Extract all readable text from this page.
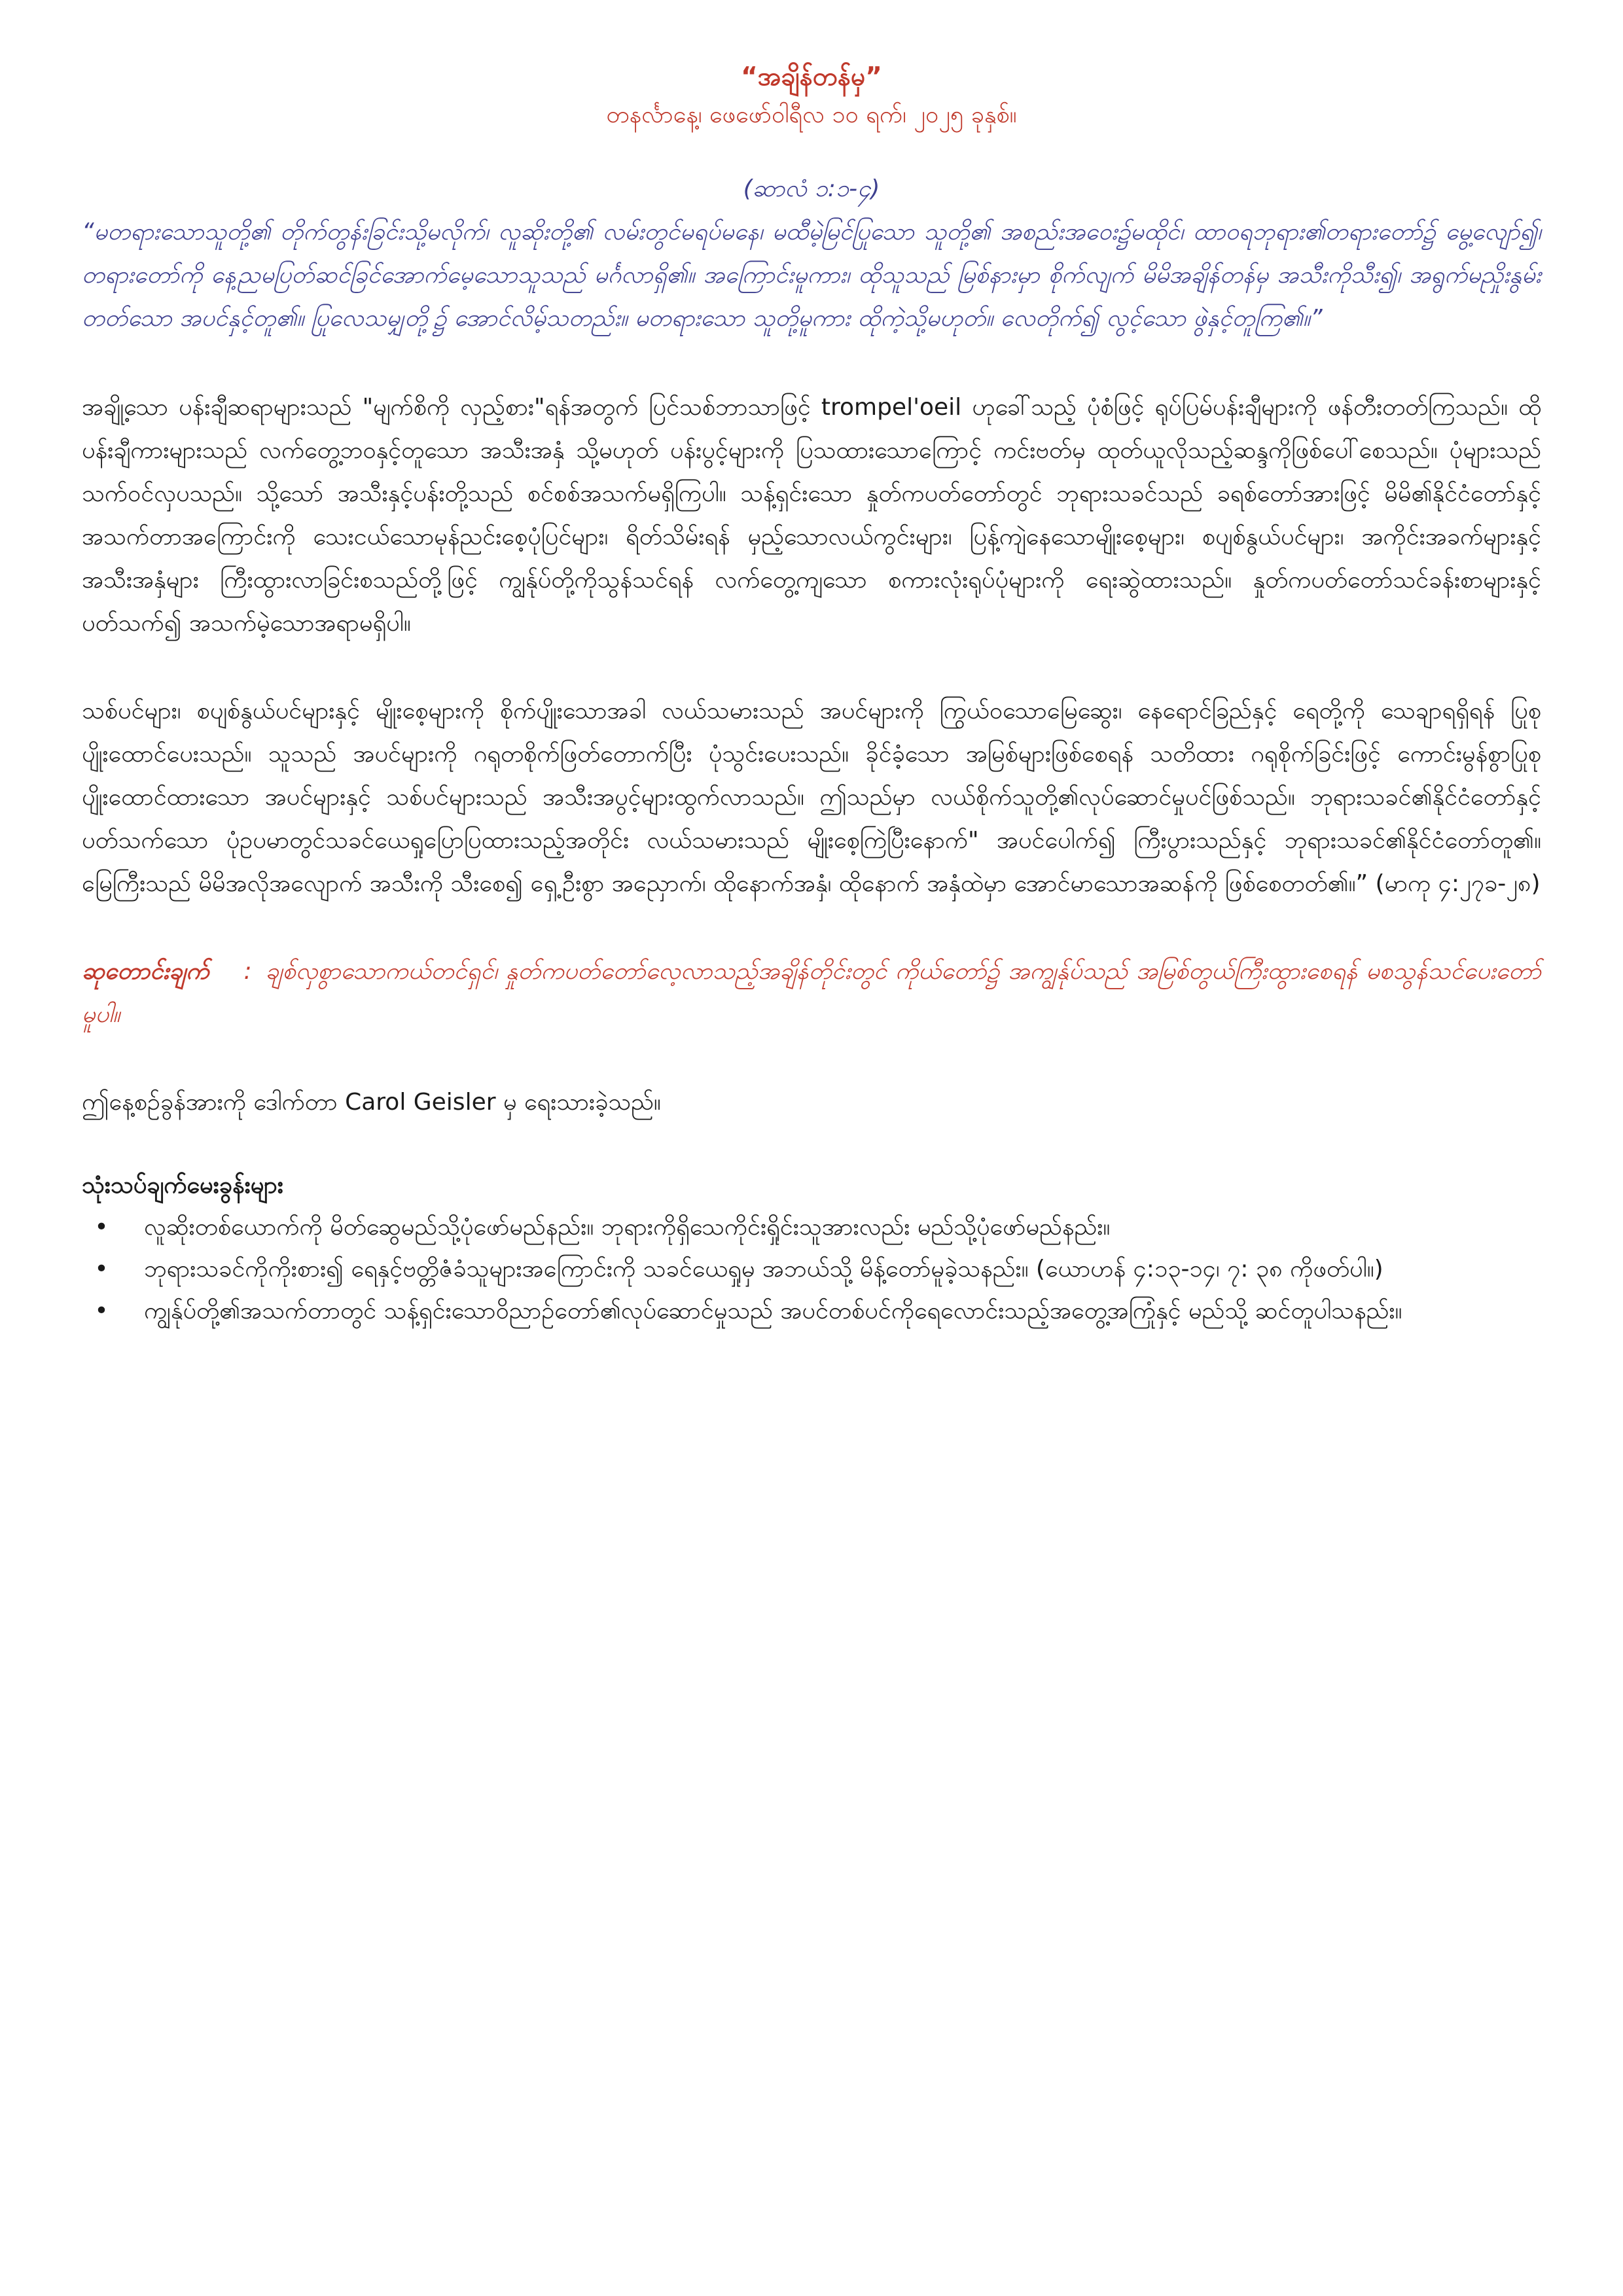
“အချိန်တန်မှ”

တနင်္လာနေ့၊ ဖေဖော်ဝါရီလ ၁၀ ရက်၊ ၂၀၂၅ ခုနှစ်။

(ဆာလံ ၁:၁-၄)

“မတရားသောသူတို့၏ တိုက်တွန်းခြင်းသို့မလိုက်၊ လူဆိုးတို့၏ လမ်းတွင်မရပ်မနေ၊ မထီမဲ့မြင်ပြုသော သူတို့၏ အစည်းအဝေး၌မထိုင်၊ ထာဝရဘုရား၏တရားတော်၌ မွေ့လျော်၍၊ တရားတော်ကို နေ့ညမပြတ်ဆင်ခြင်အောက်မေ့သောသူသည် မင်္ဂလာရှိ၏။ အကြောင်းမူကား၊ ထိုသူသည် မြစ်နားမှာ စိုက်လျက် မိမိအချိန်တန်မှ အသီးကိုသီး၍၊ အရွက်မညှိုးနွမ်းတတ်သော အပင်နှင့်တူ၏။ ပြုလေသမျှတို့၌ အောင်လိမ့်သတည်း။ မတရားသော သူတို့မူကား ထိုကဲ့သို့မဟုတ်။ လေတိုက်၍ လွင့်သော ဖွဲနှင့်တူကြ၏။”

အချို့သော ပန်းချီဆရာများသည် "မျက်စိကို လှည့်စား"ရန်အတွက် ပြင်သစ်ဘာသာဖြင့် trompel'oeil ဟုခေါ်သည့် ပုံစံဖြင့် ရုပ်ပြမ်ပန်းချီများကို ဖန်တီးတတ်ကြသည်။ ထိုပန်းချီကားများသည် လက်တွေ့ဘဝနှင့်တူသော အသီးအနှံ သို့မဟုတ် ပန်းပွင့်များကို ပြသထားသောကြောင့် ကင်းဗတ်မှ ထုတ်ယူလိုသည့်ဆန္ဒကိုဖြစ်ပေါ်စေသည်။ ပုံများသည် သက်ဝင်လှပသည်။ သို့သော် အသီးနှင့်ပန်းတို့သည် စင်စစ်အသက်မရှိကြပါ။ သန့်ရှင်းသော နှုတ်ကပတ်တော်တွင် ဘုရားသခင်သည် ခရစ်တော်အားဖြင့် မိမိ၏နိုင်ငံတော်နှင့် အသက်တာအကြောင်းကို သေးငယ်သောမုန်ညင်းစေ့ပုံပြင်များ၊ ရိတ်သိမ်းရန် မှည့်သောလယ်ကွင်းများ၊ ပြန့်ကျဲနေသောမျိုးစေ့များ၊ စပျစ်နွယ်ပင်များ၊ အကိုင်းအခက်များနှင့် အသီးအနှံများ ကြီးထွားလာခြင်းစသည်တို့ဖြင့် ကျွန်ုပ်တို့ကိုသွန်သင်ရန် လက်တွေ့ကျသော စကားလုံးရုပ်ပုံများကို ရေးဆွဲထားသည်။ နှုတ်ကပတ်တော်သင်ခန်းစာများနှင့် ပတ်သက်၍ အသက်မဲ့သောအရာမရှိပါ။

သစ်ပင်များ၊ စပျစ်နွယ်ပင်များနှင့် မျိုးစေ့များကို စိုက်ပျိုးသောအခါ လယ်သမားသည် အပင်များကို ကြွယ်ဝသောမြေဆွေး၊ နေရောင်ခြည်နှင့် ရေတို့ကို သေချာရရှိရန် ပြုစုပျိုးထောင်ပေးသည်။ သူသည် အပင်များကို ဂရုတစိုက်ဖြတ်တောက်ပြီး ပုံသွင်းပေးသည်။ ခိုင်ခံ့သော အမြစ်များဖြစ်စေရန် သတိထား ဂရုစိုက်ခြင်းဖြင့် ကောင်းမွန်စွာပြုစုပျိုးထောင်ထားသော အပင်များနှင့် သစ်ပင်များသည် အသီးအပွင့်များထွက်လာသည်။ ဤသည်မှာ လယ်စိုက်သူတို့၏လုပ်ဆောင်မှုပင်ဖြစ်သည်။ ဘုရားသခင်၏နိုင်ငံတော်နှင့်ပတ်သက်သော ပုံဥပမာတွင်သခင်ယေရှုပြောပြထားသည့်အတိုင်း လယ်သမားသည် မျိုးစေ့ကြဲပြီးနောက်" အပင်ပေါက်၍ ကြီးပွားသည်နှင့် ဘုရားသခင်၏နိုင်ငံတော်တူ၏။ မြေကြီးသည် မိမိအလိုအလျောက် အသီးကို သီးစေ၍ ရှေ့ဦးစွာ အညှောက်၊ ထိုနောက်အနှံ၊ ထိုနောက် အနှံထဲမှာ အောင်မာသောအဆန်ကို ဖြစ်စေတတ်၏။” (မာကု ၄:၂၇ခ-၂၈)

ဆုတောင်းချက် : ချစ်လှစွာသောကယ်တင်ရှင်၊ နှုတ်ကပတ်တော်လေ့လာသည့်အချိန်တိုင်းတွင် ကိုယ်တော်၌ အကျွန်ုပ်သည် အမြစ်တွယ်ကြီးထွားစေရန် မစသွန်သင်ပေးတော်မူပါ။

ဤနေ့စဉ်ခွန်အားကို ဒေါက်တာ Carol Geisler မှ ရေးသားခဲ့သည်။

သုံးသပ်ချက်မေးခွန်းများ
• လူဆိုးတစ်ယောက်ကို မိတ်ဆွေမည်သို့ပုံဖော်မည်နည်း။ ဘုရားကိုရှိသေကိုင်းရှိုင်းသူအားလည်း မည်သို့ပုံဖော်မည်နည်း။
• ဘုရားသခင်ကိုကိုးစား၍ ရေနှင့်ဗတ္တိဇံခံသူများအကြောင်းကို သခင်ယေရှုမှ အဘယ်သို့ မိန့်တော်မူခဲ့သနည်း။ (ယောဟန် ၄:၁၃-၁၄၊ ၇: ၃၈ ကိုဖတ်ပါ။)
• ကျွန်ုပ်တို့၏အသက်တာတွင် သန့်ရှင်းသောဝိညာဉ်တော်၏လုပ်ဆောင်မှုသည် အပင်တစ်ပင်ကိုရေလောင်းသည့်အတွေ့အကြုံနှင့် မည်သို့ ဆင်တူပါသနည်း။
